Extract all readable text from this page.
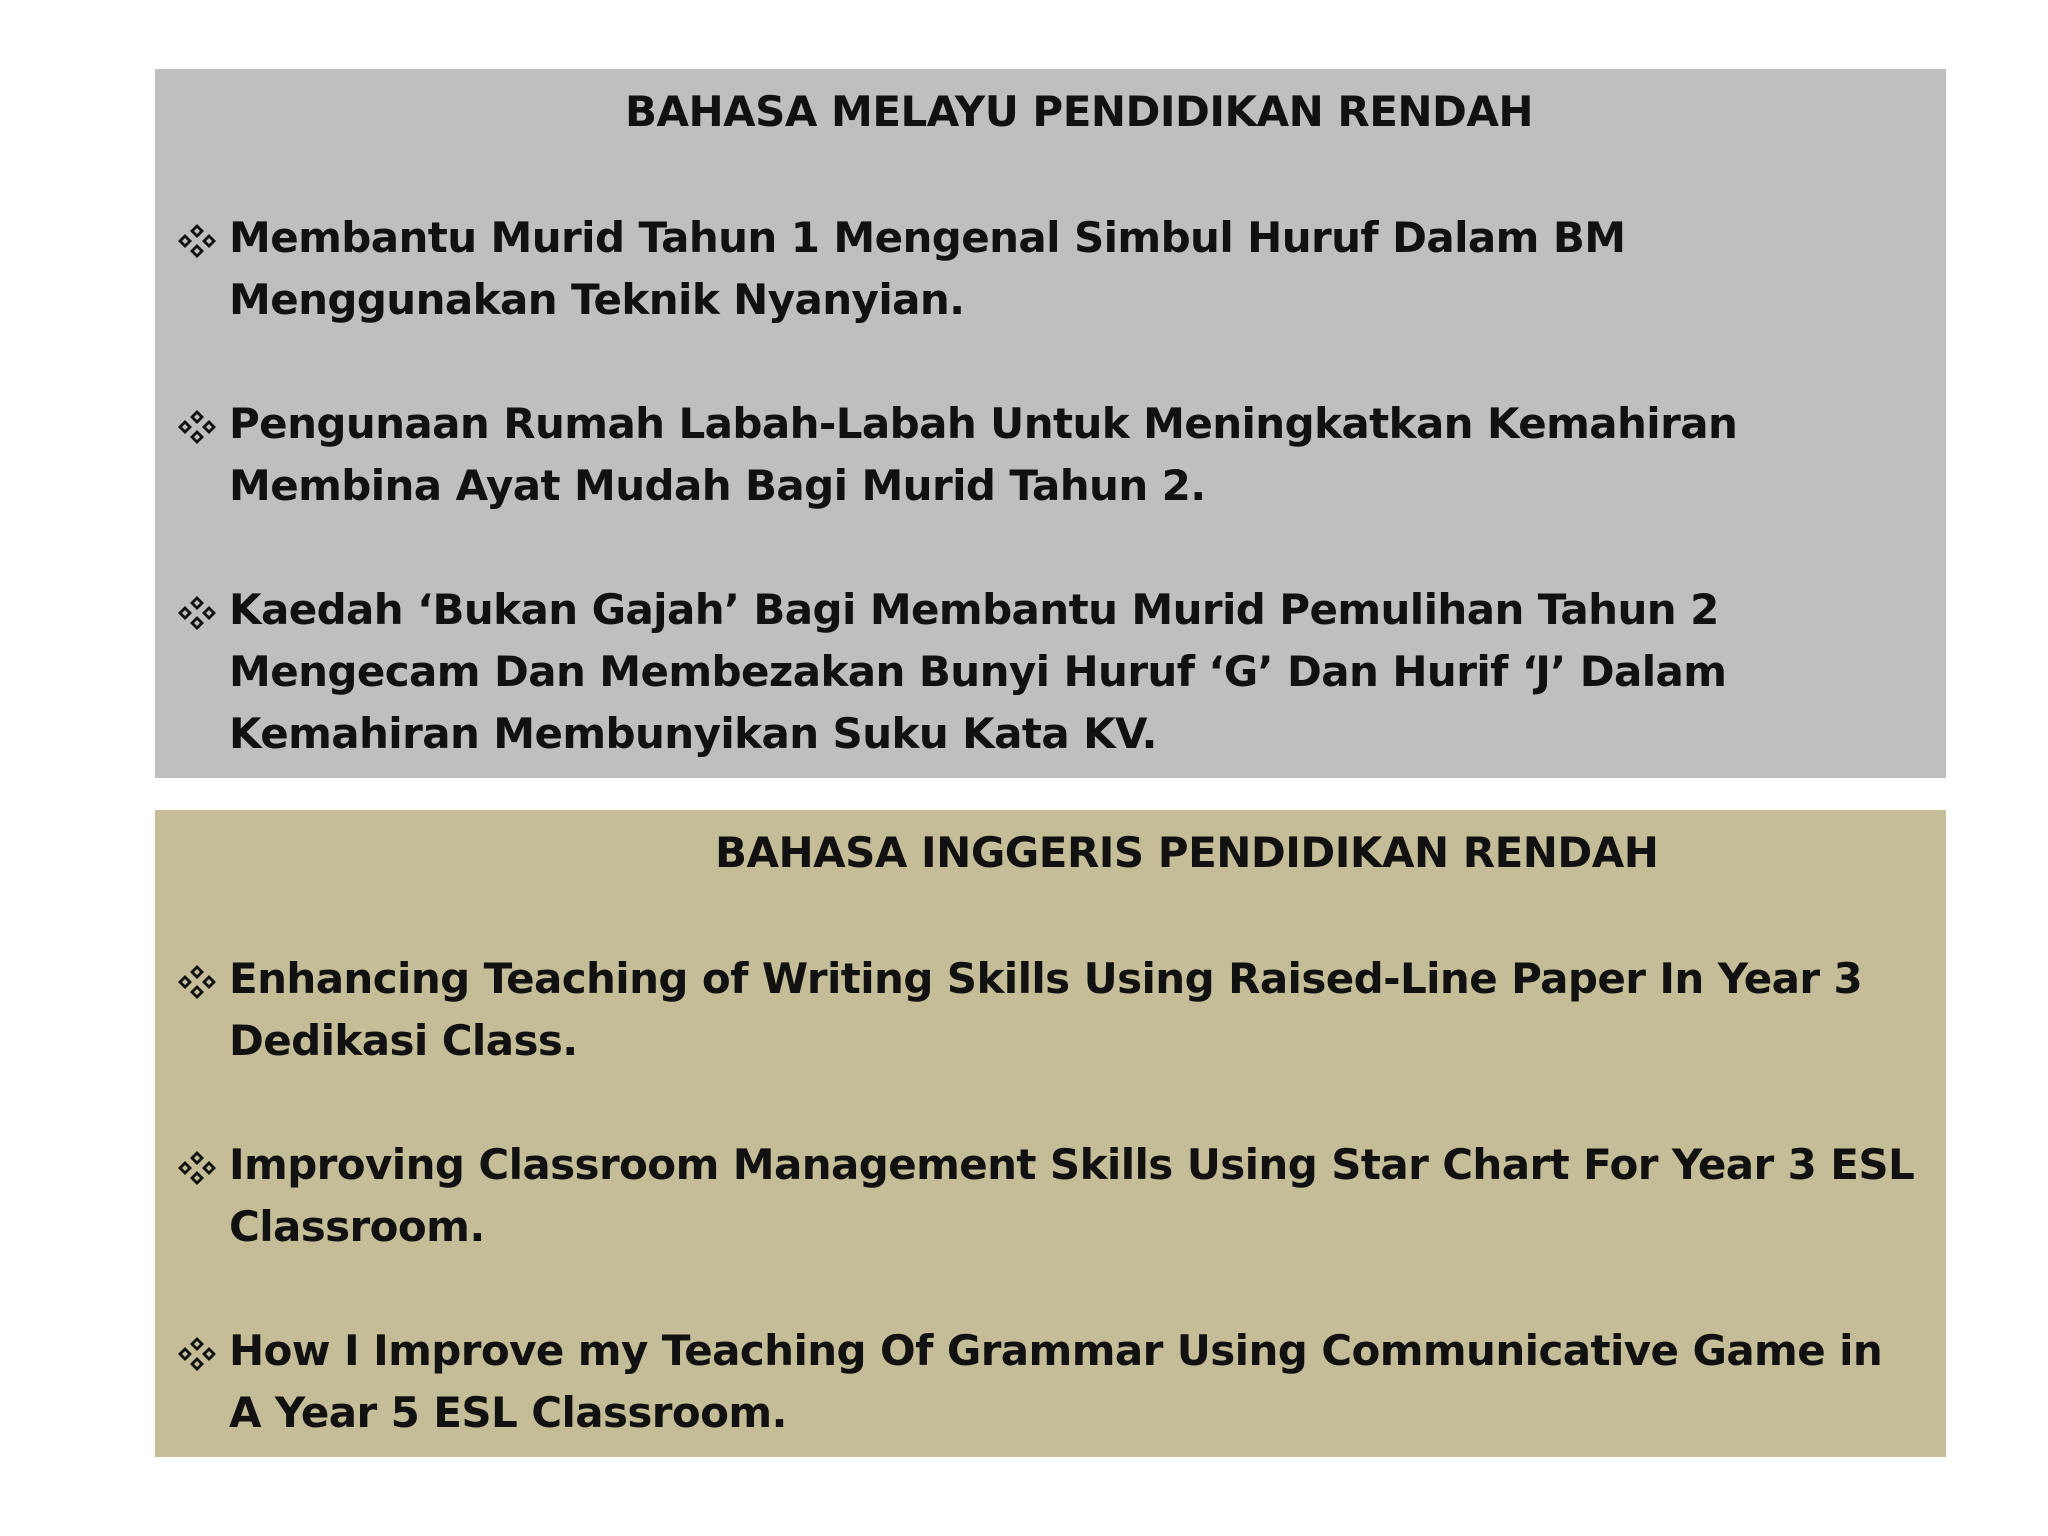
BAHASA MELAYU PENDIDIKAN RENDAH
Membantu Murid Tahun 1 Mengenal Simbul Huruf Dalam BM Menggunakan Teknik Nyanyian.
Pengunaan Rumah Labah-Labah Untuk Meningkatkan Kemahiran Membina Ayat Mudah Bagi Murid Tahun 2.
Kaedah ‘Bukan Gajah’ Bagi Membantu Murid Pemulihan Tahun 2 Mengecam Dan Membezakan Bunyi Huruf ‘G’ Dan Hurif ‘J’ Dalam Kemahiran Membunyikan Suku Kata KV.
BAHASA INGGERIS PENDIDIKAN RENDAH
Enhancing Teaching of Writing Skills Using Raised-Line Paper In Year 3 Dedikasi Class.
Improving Classroom Management Skills Using Star Chart For Year 3 ESL Classroom.
How I Improve my Teaching Of Grammar Using Communicative Game in A Year 5 ESL Classroom.
